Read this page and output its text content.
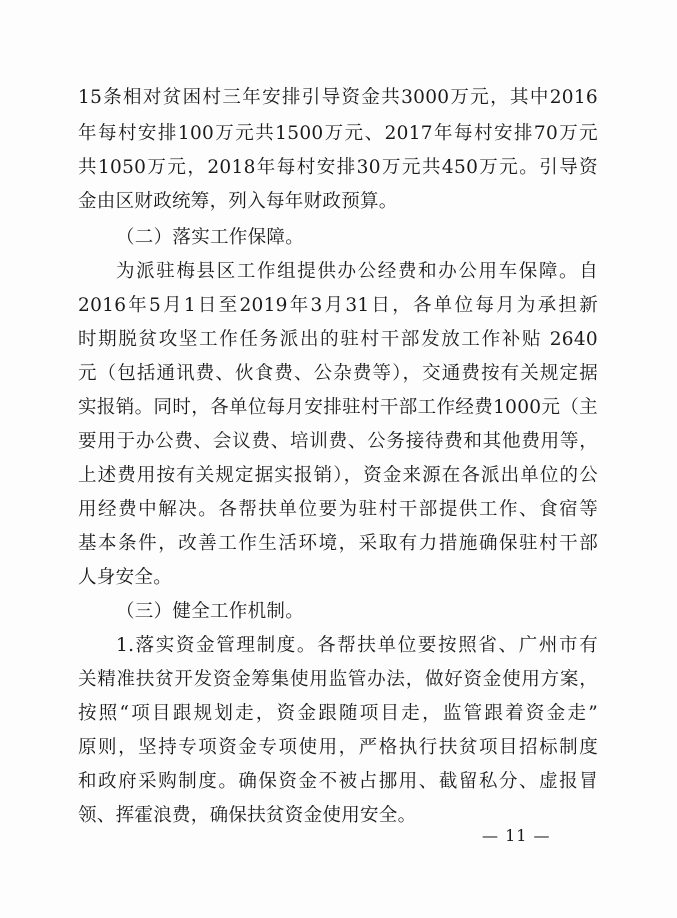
15条相对贫困村三年安排引导资金共3000万元，其中2016
年每村安排100万元共1500万元、2017年每村安排70万元
共1050万元，2018年每村安排30万元共450万元。引导资
金由区财政统筹，列入每年财政预算。
（二）落实工作保障。
为派驻梅县区工作组提供办公经费和办公用车保障。自
2016年5月1日至2019年3月31日，各单位每月为承担新
时期脱贫攻坚工作任务派出的驻村干部发放工作补贴 2640
元（包括通讯费、伙食费、公杂费等），交通费按有关规定据
实报销。同时，各单位每月安排驻村干部工作经费1000元（主
要用于办公费、会议费、培训费、公务接待费和其他费用等，
上述费用按有关规定据实报销），资金来源在各派出单位的公
用经费中解决。各帮扶单位要为驻村干部提供工作、食宿等
基本条件，改善工作生活环境，采取有力措施确保驻村干部
人身安全。
（三）健全工作机制。
1.落实资金管理制度。各帮扶单位要按照省、广州市有
关精准扶贫开发资金筹集使用监管办法，做好资金使用方案，
按照“项目跟规划走，资金跟随项目走，监管跟着资金走”
原则，坚持专项资金专项使用，严格执行扶贫项目招标制度
和政府采购制度。确保资金不被占挪用、截留私分、虚报冒
领、挥霍浪费，确保扶贫资金使用安全。
— 11 —
